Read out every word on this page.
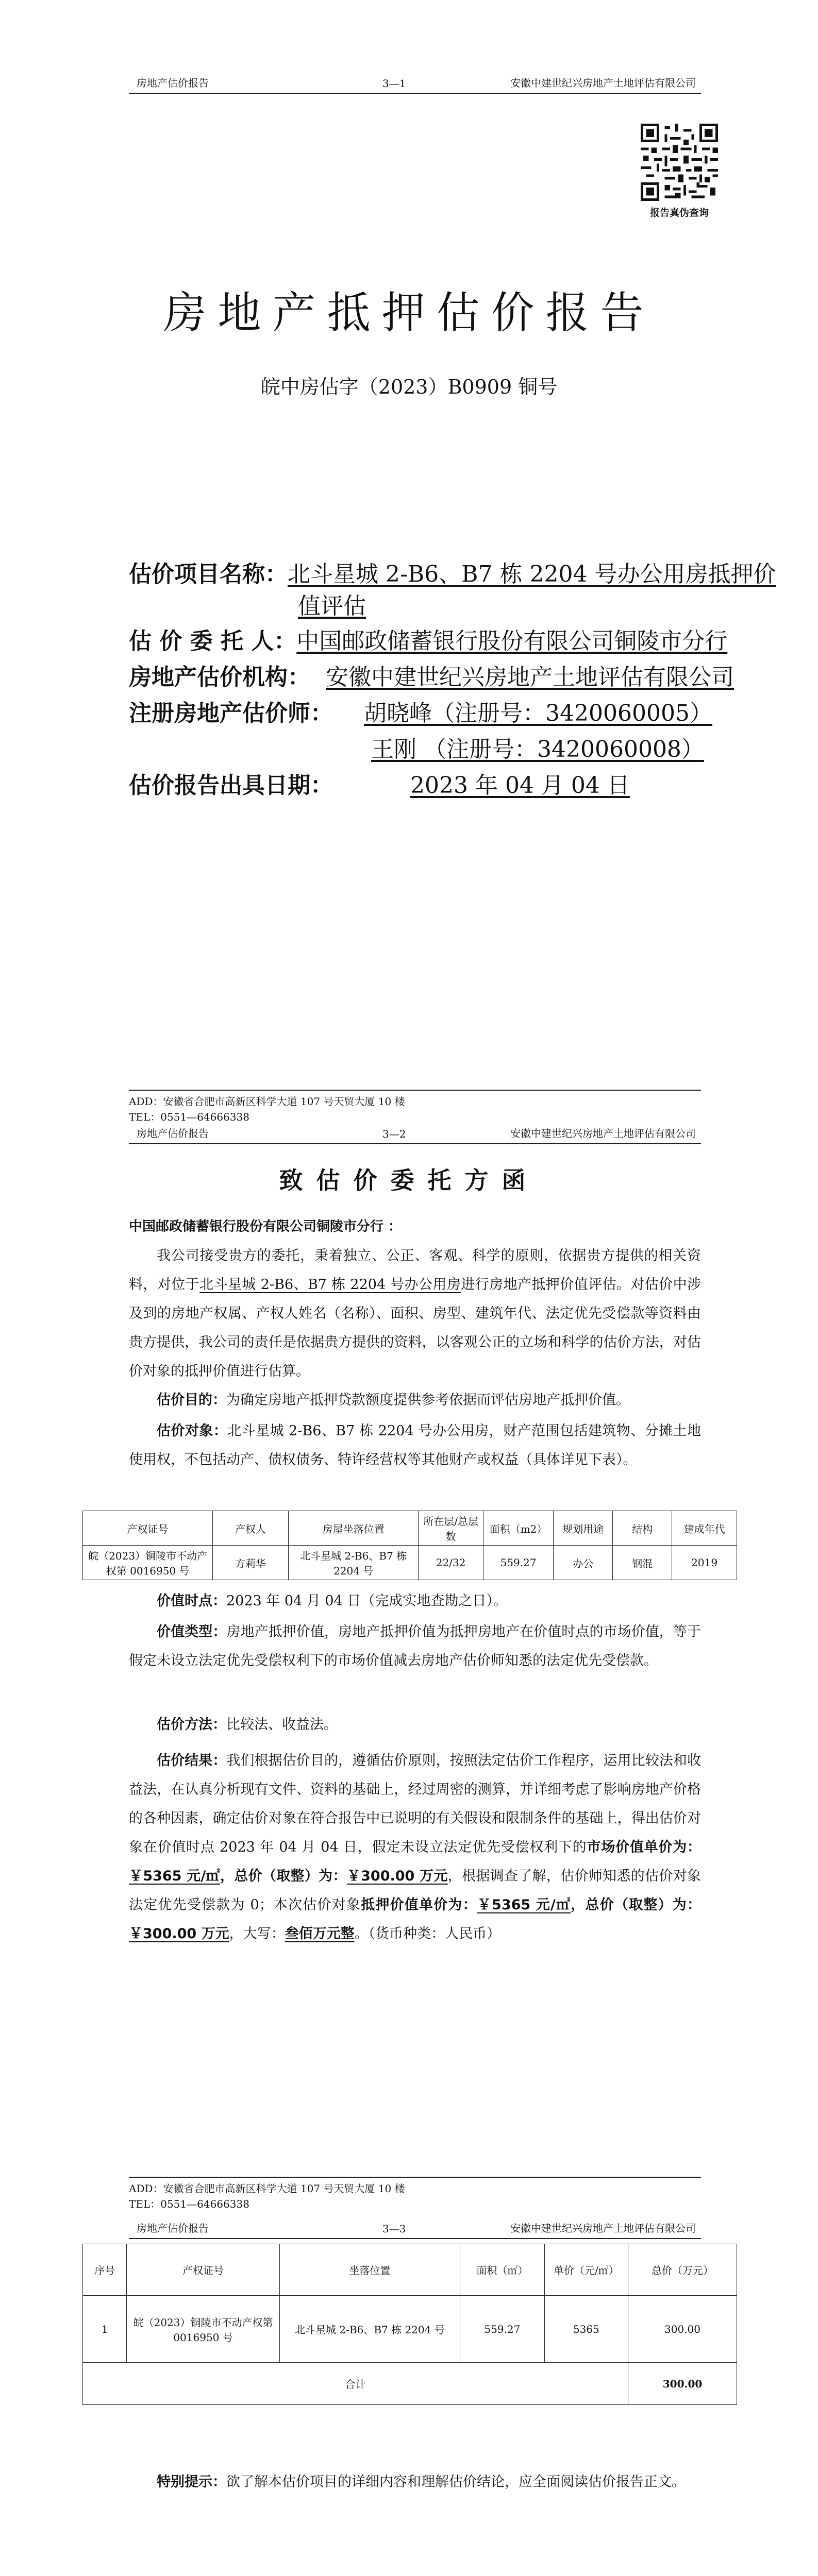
房地产估价报告	3—1	安徽中建世纪兴房地产土地评估有限公司
报告真伪查询
房地产抵押估价报告
皖中房估字（2023）B0909 铜号
估价项目名称：北斗星城 2-B6、B7 栋 2204 号办公用房抵押价
值评估
估 价 委 托 人：中国邮政储蓄银行股份有限公司铜陵市分行
房地产估价机构： 安徽中建世纪兴房地产土地评估有限公司
注册房地产估价师： 胡晓峰（注册号：3420060005）
王刚 （注册号：3420060008）
估价报告出具日期：	2023 年 04 月 04 日
ADD：安徽省合肥市高新区科学大道 107 号天贸大厦 10 楼
TEL：0551—64666338
房地产估价报告	3—2	安徽中建世纪兴房地产土地评估有限公司
致估价委托方函
中国邮政储蓄银行股份有限公司铜陵市分行 ：
我公司接受贵方的委托，秉着独立、公正、客观、科学的原则，依据贵方提供的相关资料，对位于北斗星城 2-B6、B7 栋 2204 号办公用房进行房地产抵押价值评估。对估价中涉及到的房地产权属、产权人姓名（名称）、面积、房型、建筑年代、法定优先受偿款等资料由贵方提供，我公司的责任是依据贵方提供的资料，以客观公正的立场和科学的估价方法，对估价对象的抵押价值进行估算。
估价目的：为确定房地产抵押贷款额度提供参考依据而评估房地产抵押价值。
估价对象：北斗星城 2-B6、B7 栋 2204 号办公用房，财产范围包括建筑物、分摊土地使用权，不包括动产、债权债务、特许经营权等其他财产或权益（具体详见下表）。
产权证号	产权人	房屋坐落位置	所在层/总层数	面积（m2）	规划用途	结构	建成年代
皖（2023）铜陵市不动产权第 0016950 号	方莉华	北斗星城 2-B6、B7 栋 2204 号	22/32	559.27	办公	钢混	2019
价值时点：2023 年 04 月 04 日（完成实地查勘之日）。
价值类型：房地产抵押价值，房地产抵押价值为抵押房地产在价值时点的市场价值，等于假定未设立法定优先受偿权利下的市场价值减去房地产估价师知悉的法定优先受偿款。
估价方法：比较法、收益法。
估价结果：我们根据估价目的，遵循估价原则，按照法定估价工作程序，运用比较法和收益法，在认真分析现有文件、资料的基础上，经过周密的测算，并详细考虑了影响房地产价格的各种因素，确定估价对象在符合报告中已说明的有关假设和限制条件的基础上，得出估价对象在价值时点 2023 年 04 月 04 日，假定未设立法定优先受偿权利下的市场价值单价为：￥5365 元/㎡，总价（取整）为：￥300.00 万元，根据调查了解，估价师知悉的估价对象法定优先受偿款为 0；本次估价对象抵押价值单价为：￥5365 元/㎡，总价（取整）为：￥300.00 万元，大写：叁佰万元整。（货币种类：人民币）
ADD：安徽省合肥市高新区科学大道 107 号天贸大厦 10 楼
TEL：0551—64666338
房地产估价报告	3—3	安徽中建世纪兴房地产土地评估有限公司
序号	产权证号	坐落位置	面积（㎡）	单价（元/㎡）	总价（万元）
1	皖（2023）铜陵市不动产权第 0016950 号	北斗星城 2-B6、B7 栋 2204 号	559.27	5365	300.00
合计					300.00
特别提示：欲了解本估价项目的详细内容和理解估价结论，应全面阅读估价报告正文。
